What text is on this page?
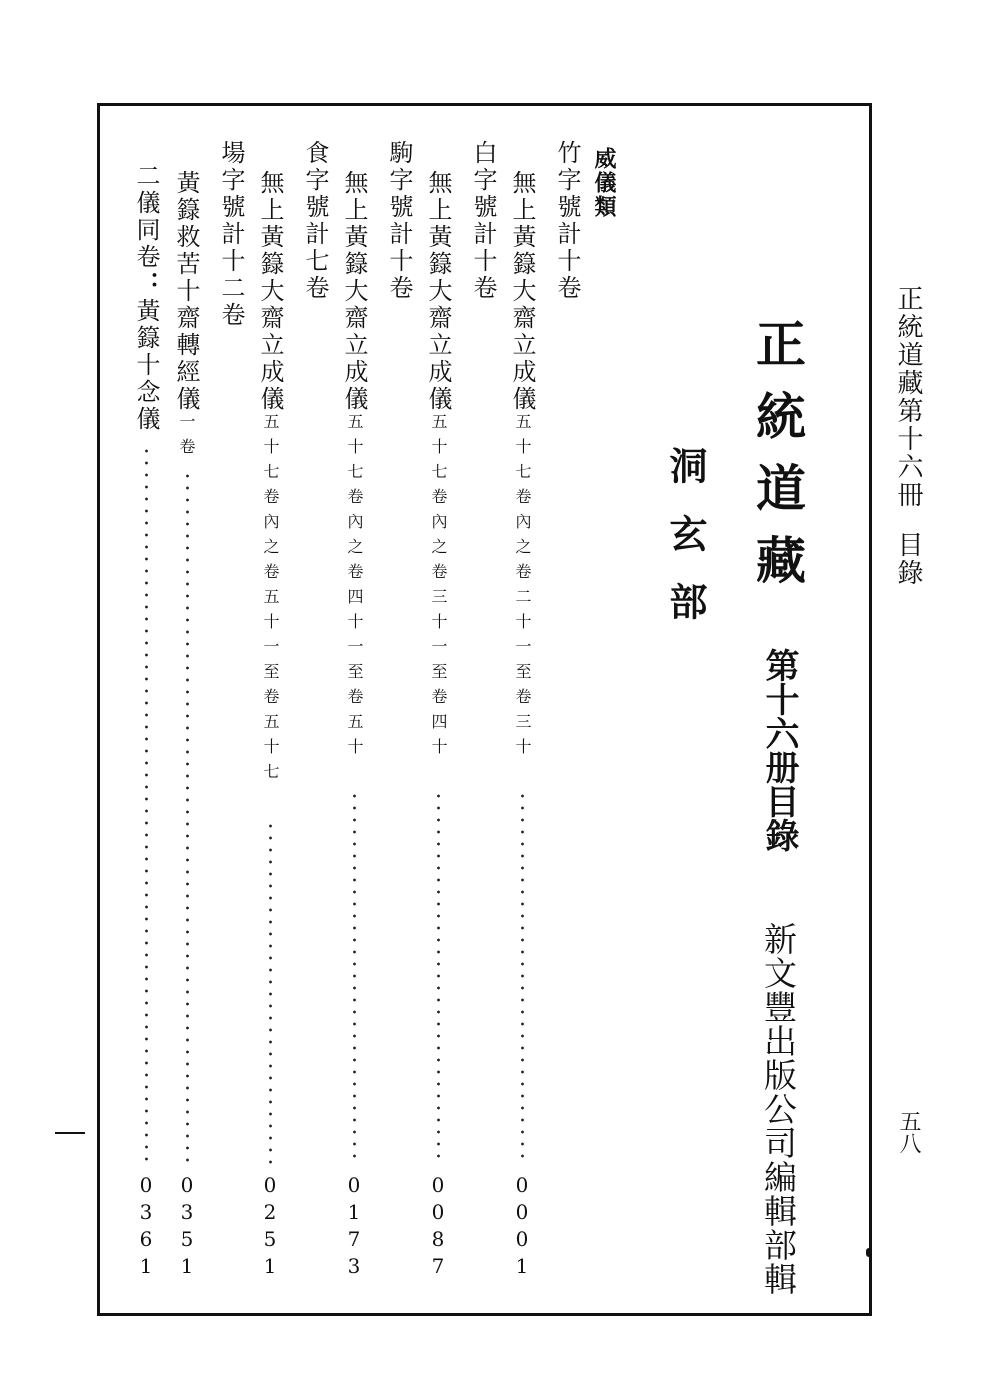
正統道藏第十六冊目錄
五八
正統道藏
第十六册目錄
新文豐出版公司編輯部輯
洞玄部
威儀類
竹字號計十卷
白字號計十卷
駒字號計十卷
食字號計七卷
場字號計十二卷	無上黃籙大齋立成儀五十七卷內之卷二十一至卷三十
0
0
0
1
無上黃籙大齋立成儀五十七卷內之卷三十一至卷四十
0
0
8
7
無上黃籙大齋立成儀五十七卷內之卷四十一至卷五十
0
1
7
3
無上黃籙大齋立成儀五十七卷內之卷五十一至卷五十七
0
2
5
1
黃籙救苦十齋轉經儀一卷
0
3
5
1
二儀同卷：黃籙十念儀
0
3
6
1
